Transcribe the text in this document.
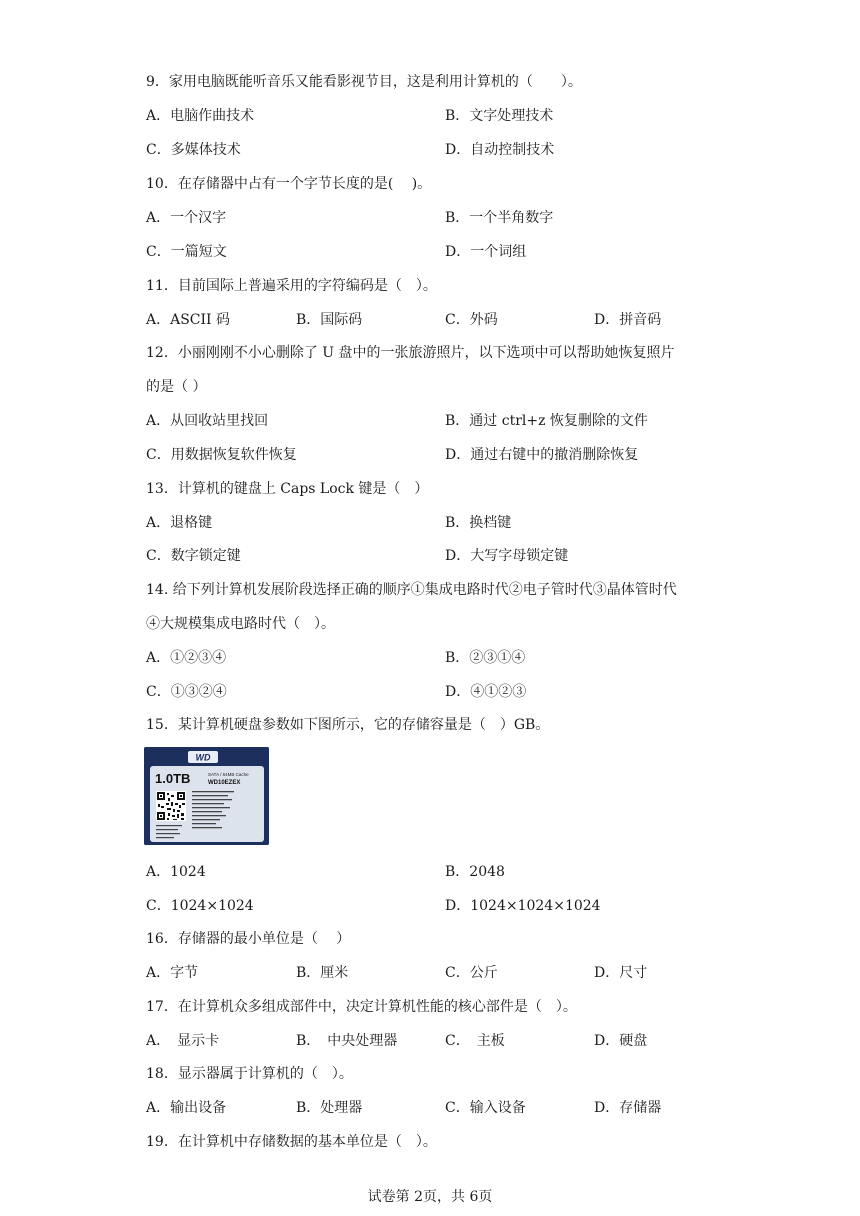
9．家用电脑既能听音乐又能看影视节目，这是利用计算机的（　　）。
A．电脑作曲技术	B．文字处理技术
C．多媒体技术	D．自动控制技术
10．在存储器中占有一个字节长度的是(　 )。
A．一个汉字	B．一个半角数字
C．一篇短文	D．一个词组
11．目前国际上普遍采用的字符编码是（　）。
A．ASCII 码	B．国际码	C．外码	D．拼音码
12．小丽刚刚不小心删除了 U 盘中的一张旅游照片，以下选项中可以帮助她恢复照片
的是（ ）
A．从回收站里找回	B．通过 ctrl+z 恢复删除的文件
C．用数据恢复软件恢复	D．通过右键中的撤消删除恢复
13．计算机的键盘上 Caps Lock 键是（　）
A．退格键	B．换档键
C．数字锁定键	D．大写字母锁定键
14. 给下列计算机发展阶段选择正确的顺序①集成电路时代②电子管时代③晶体管时代
④大规模集成电路时代（　）。
A．①②③④	B．②③①④
C．①③②④	D．④①②③
15．某计算机硬盘参数如下图所示，它的存储容量是（　）GB。
WD
1.0TB	SATA / 64MB Cache
WD10EZEX
A．1024	B．2048
C．1024×1024	D．1024×1024×1024
16．存储器的最小单位是（　 ）
A．字节	B．厘米	C．公斤	D．尺寸
17．在计算机众多组成部件中，决定计算机性能的核心部件是（　）。
A．　显示卡	B．　中央处理器	C．　主板	D．硬盘
18．显示器属于计算机的（　）。
A．输出设备	B．处理器	C．输入设备	D．存储器
19．在计算机中存储数据的基本单位是（　）。
试卷第 2页，共 6页
